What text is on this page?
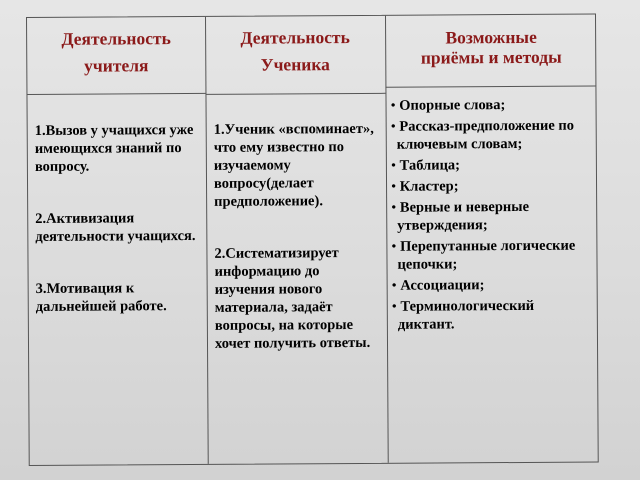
Деятельность
учителя
Деятельность
Ученика
Возможные
приёмы и методы

1.Вызов у учащихся уже имеющихся знаний по вопросу.

2.Активизация деятельности учащихся.

3.Мотивация к дальнейшей работе.

1.Ученик «вспоминает», что ему известно по изучаемому вопросу(делает предположение).

2.Систематизирует информацию до изучения нового материала, задаёт вопросы, на которые хочет получить ответы.

• Опорные слова;
• Рассказ-предположение по ключевым словам;
• Таблица;
• Кластер;
• Верные и неверные утверждения;
• Перепутанные логические цепочки;
• Ассоциации;
• Терминологический диктант.
